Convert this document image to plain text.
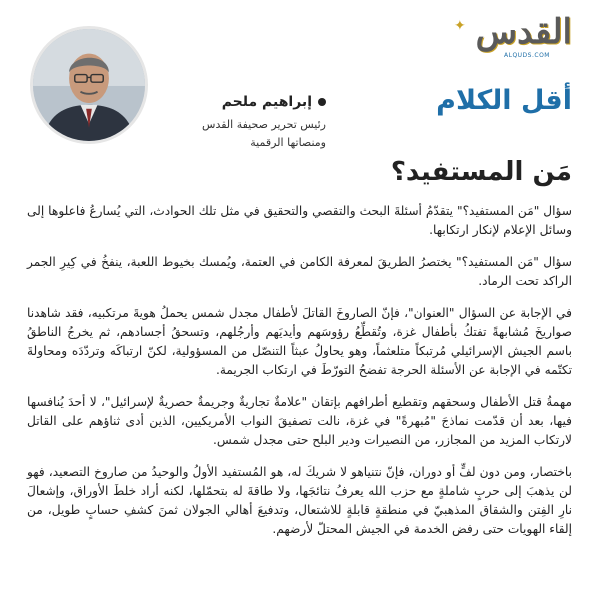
✦ القدس
ALQUDS.COM
أقل الكلام
إبراهيم ملحم
رئيس تحرير صحيفة القدس
ومنصاتها الرقمية
مَن المستفيد؟

سؤال "مَن المستفيد؟" يتقدّمُ أسئلةَ البحث والتقصي والتحقيق في مثل تلك الحوادث، التي يُسارعُ فاعلوها إلى وسائل الإعلام لإنكار ارتكابها.

سؤال "مَن المستفيد؟" يختصرُ الطريقَ لمعرفة الكامن في العتمة، ويُمسك بخيوط اللعبة، ينفخُ في كِيرِ الجمر الراكد تحت الرماد.

في الإجابة عن السؤال "العنوان"، فإنّ الصاروخَ القاتلَ لأطفال مجدل شمس يحملُ هويةَ مرتكبيه، فقد شاهدنا صواريخَ مُشابهةً تفتكُ بأطفال غزة، وتُقطِّعُ رؤوسَهم وأيديَهم وأرجُلهم، وتسحقُ أجسادهم، ثم يخرجُ الناطقُ باسم الجيش الإسرائيلي مُرتبكاً متلعثماً، وهو يحاولُ عبثاً التنصّل من المسؤولية، لكنّ ارتباكَه وتردّدَه ومحاولةَ تكتّمه في الإجابة عن الأسئلة الحرجة تفضحُ التورّطَ في ارتكاب الجريمة.

مهمةُ قتل الأطفال وسحقهم وتقطيع أطرافهم بإتقان "علامةٌ تجاريةٌ وجريمةٌ حصريةٌ لإسرائيل"، لا أحدَ يُنافسها فيها، بعد أن قدّمت نماذجَ "مُبهرةً" في غزة، نالت تصفيقَ النواب الأمريكيين، الذين أدى ثناؤهم على القاتل لارتكاب المزيد من المجازر، من النصيرات ودير البلح حتى مجدل شمس.

باختصار، ومن دون لفٍّ أو دوران، فإنّ نتنياهو لا شريكَ له، هو المُستفيد الأولُ والوحيدُ من صاروخ التصعيد، فهو لن يذهبَ إلى حربٍ شاملةٍ مع حزب الله يعرفُ نتائجَها، ولا طاقةَ له بتحمّلها، لكنه أراد خلطَ الأوراق، وإشعالَ نارِ الفِتن والشقاق المذهبيّ في منطقةٍ قابلةٍ للاشتعال، وتدفيعَ أهالي الجولان ثمنَ كشفِ حسابٍ طويل، من إلقاء الهويات حتى رفض الخدمة في الجيش المحتلّ لأرضهم.
